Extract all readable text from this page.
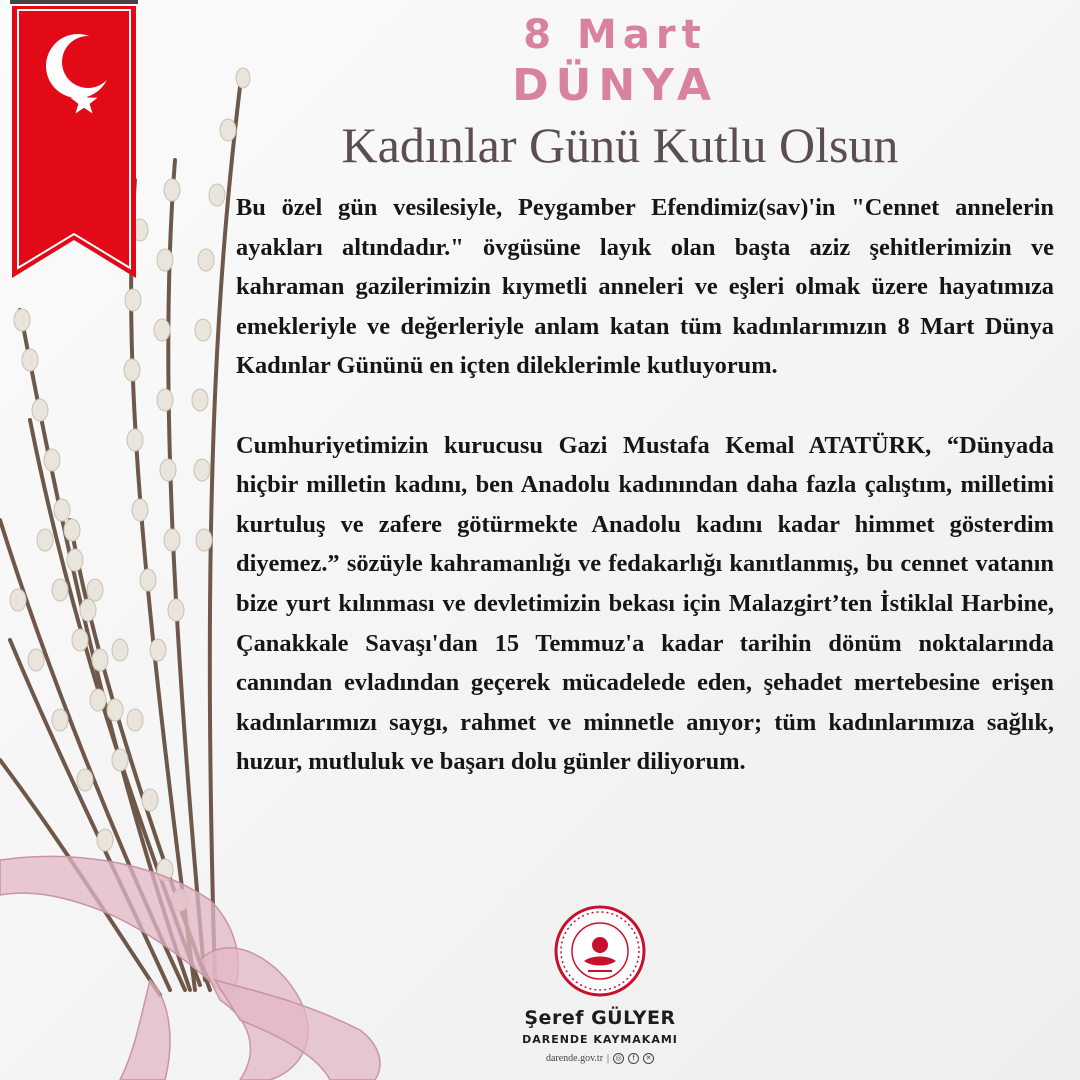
8 Mart
DÜNYA
Kadınlar Günü Kutlu Olsun

Bu özel gün vesilesiyle, Peygamber Efendimiz(sav)'in "Cennet annelerin ayakları altındadır." övgüsüne layık olan başta aziz şehitlerimizin ve kahraman gazilerimizin kıymetli anneleri ve eşleri olmak üzere hayatımıza emekleriyle ve değerleriyle anlam katan tüm kadınlarımızın 8 Mart Dünya Kadınlar Gününü en içten dileklerimle kutluyorum.

Cumhuriyetimizin kurucusu Gazi Mustafa Kemal ATATÜRK, “Dünyada hiçbir milletin kadını, ben Anadolu kadınından daha fazla çalıştım, milletimi kurtuluş ve zafere götürmekte Anadolu kadını kadar himmet gösterdim diyemez.” sözüyle kahramanlığı ve fedakarlığı kanıtlanmış, bu cennet vatanın bize yurt kılınması ve devletimizin bekası için Malazgirt’ten İstiklal Harbine, Çanakkale Savaşı'dan 15 Temmuz'a kadar tarihin dönüm noktalarında canından evladından geçerek mücadelede eden, şehadet mertebesine erişen kadınlarımızı saygı, rahmet ve minnetle anıyor; tüm kadınlarımıza sağlık, huzur, mutluluk ve başarı dolu günler diliyorum.

Şeref GÜLYER
DARENDE KAYMAKAMI
darende.gov.tr | ◎	f	✕
